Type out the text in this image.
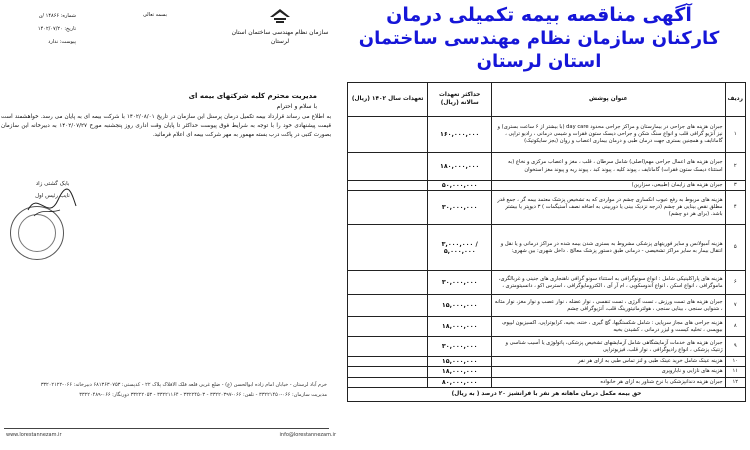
آگهی مناقصه بیمه تکمیلی درمان
کارکنان سازمان نظام مهندسی ساختمان استان لرستان
سازمان نظام مهندسی ساختمان استان لرستان
بسمه تعالی
شماره: ۱۴۸۶۶ /ن
تاریخ: ۱۴۰۲/۰۷/۲۰
پیوست: ندارد
مدیریت محترم کلیه شرکتهای بیمه ای
با سلام و احترام
به اطلاع می رساند قرارداد بیمه تکمیل درمان پرسنل این سازمان در تاریخ ۱۴۰۲/۰۸/۰۱ با شرکت بیمه ای به پایان می رسد. خواهشمند است قیمت پیشنهادی خود را با توجه به شرایط فوق پیوست حداکثر تا پایان وقت اداری روز پنجشنبه مورخ ۱۴۰۲/۰۷/۲۷ به دبیرخانه این سازمان بصورت کتبی در پاکت درب بسته مهمور به مهر شرکت بیمه ای اعلام فرمائید.
بابک گشتی زاد
نایب رئیس اول
خرم آباد لرستان - خیابان امام زاده ابوالحسن (ع) - ضلع غربی قلعه فلک الافلاک پلاک ۲۲ - کدپستی: ۶۸۱۳۶۳۰۷۵۳ دبیرخانه: ۰۶۶-۳۳۲۰۲۱۲۲
مدیریت سازمان: ۰۶۶-۳۳۲۲۱۴۵۰ - تلفن: ۰۶۶-۳۳۲۲۰۳۹۷ - ۳۳۲۲۴۵۰۳ - ۳۳۲۲۱۱۶۴ - ۳۳۲۲۲۰۵۳ دورنگار: ۰۶۶-۳۳۲۲۰۴۸۹
www.lorestannezam.ir	info@lorestannezam.ir
ردیف	عنوان پوشش	حداکثر تعهدات سالانه (ریال)	تعهدات سال ۱۴۰۲ (ریال)
۱	جبران هزینه های جراحی در بیمارستان و مراکز جراحی محدود day care (با بیشتر از ۶ ساعت بستری) و نیز آنژیو گرافی قلب و انواع سنگ شکن و جراحی دیسک ستون فقرات و شیمی درمانی ، رادیو تراپی ، گامانایف و همچنین بستری جهت درمان طبی و درمان بیماری اعصاب و روان (بجز سایکوتیک)	۱۶۰,۰۰۰,۰۰۰	
۲	جبران هزینه های اعمال جراحی مهم(اصلی) شامل سرطان ، قلب ، مغز و اعصاب مرکزی و نخاع (به استثناء دیسک ستون فقرات) گامانایف ، پیوند کلیه ، پیوند کبد ، پیوند ریه و پیوند مغز استخوان	۱۸۰,۰۰۰,۰۰۰	
۳	جبران هزینه های زایمان (طبیعی، سزارین)	۵۰,۰۰۰,۰۰۰	
۴	هزینه های مربوط به رفع عیوب انکساری چشم در مواردی که به تشخیص پزشک معتمد بیمه گر ، جمع قدر مطلق نقص بینایی هر چشم (درجه نزدیک بینی یا دوربینی به اضافه نصف آستیگمات ) ۳ دیوپتر یا بیشتر باشد. (برای هر دو چشم)	۳۰,۰۰۰,۰۰۰	
۵	هزینه آمبولانس و سایر فوریتهای پزشکی مشروط به بستری شدن بیمه شده در مراکز درمانی و یا نقل و انتقال بیمار به سایر مراکز تشخیصی - درمانی طبق دستور پزشک معالج . داخل شهری: بین شهری:	۳,۰۰۰,۰۰۰ / ۵,۰۰۰,۰۰۰	
۶	هزینه های پاراکلینیکی شامل : انواع سونوگرافی به استثناء سونو گرافی ناهنجاری های جنینی و غربالگری، ماموگرافی ، انواع اسکن ، انواع آندوسکوپی ، ام آر آی ، الکترومایوگرافی ، استرس اکو ، دانسیتومتری ،	۳۰,۰۰۰,۰۰۰	
۷	جبران هزینه های تست ورزش ، تست آلرژی ، تست تنفسی ، نوار عضله ، نوار عصب و نوار مغز، نوار مثانه ، شنوایی سنجی ، بینایی سنجی ، هولترمانیتورینگ قلب، آنژیوگرافی چشم	۱۵,۰۰۰,۰۰۰	
۸	هزینه جراحی های مجاز سرپایی : شامل شکستگیها، گچ گیری ، ختنه، بخیه، کرایوتراپی، اکسیزیون لیپوم، بیوپسی ، تخلیه کیست و لیزر درمانی ، کشیدن بخیه	۱۸,۰۰۰,۰۰۰	
۹	جبران هزینه های خدمات آزمایشگاهی شامل آزمایشهای تشخیص پزشکی، پاتولوژی یا آسیب شناسی و ژنتیک پزشکی ، انواع رادیوگرافی ، نوار قلب، فیزیوتراپی	۳۰,۰۰۰,۰۰۰	
۱۰	هزینه عینک شامل خرید عینک طبی و لنز تماس طبی به ازای هر نفر	۱۵,۰۰۰,۰۰۰	
۱۱	هزینه های نازایی و نابارویری	۱۸,۰۰۰,۰۰۰	
۱۲	جبران هزینه دندانپزشکی با نرخ شناور به ازای هر خانواده	۸۰,۰۰۰,۰۰۰	
حق بیمه مکمل درمان ماهانه هر نفر با فرانشیز ۲۰ درصد ( به ریال)			
